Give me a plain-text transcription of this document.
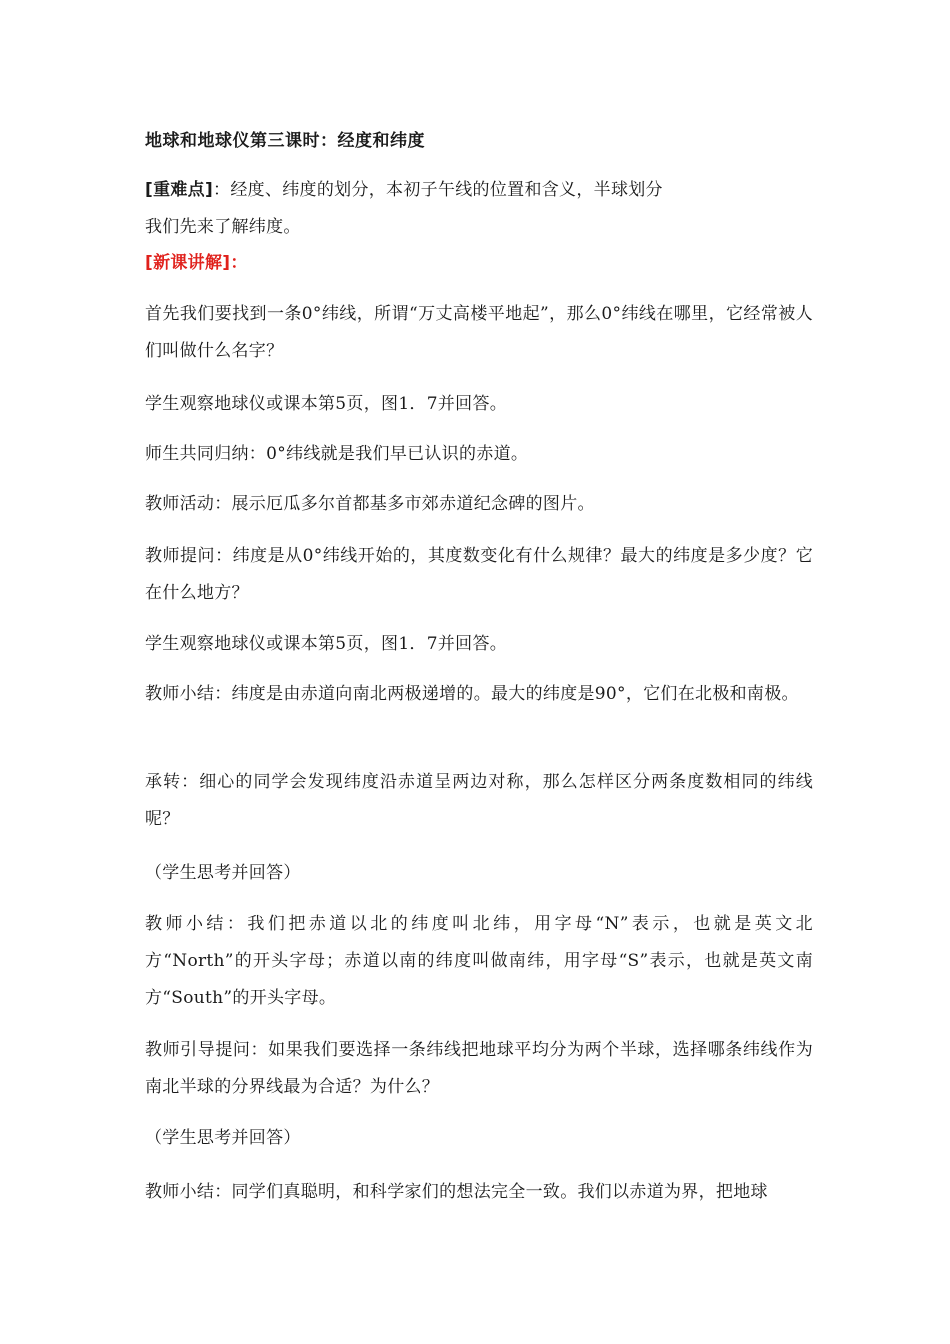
地球和地球仪第三课时：经度和纬度
[重难点]：经度、纬度的划分，本初子午线的位置和含义，半球划分
我们先来了解纬度。
[新课讲解]：
首先我们要找到一条0°纬线，所谓“万丈高楼平地起”，那么0°纬线在哪里，它经常被人们叫做什么名字？
学生观察地球仪或课本第5页，图1．7并回答。
师生共同归纳：0°纬线就是我们早已认识的赤道。
教师活动：展示厄瓜多尔首都基多市郊赤道纪念碑的图片。
教师提问：纬度是从0°纬线开始的，其度数变化有什么规律？最大的纬度是多少度？它在什么地方？
学生观察地球仪或课本第5页，图1．7并回答。
教师小结：纬度是由赤道向南北两极递增的。最大的纬度是90°，它们在北极和南极。
承转：细心的同学会发现纬度沿赤道呈两边对称，那么怎样区分两条度数相同的纬线呢？
（学生思考并回答）
教师小结：我们把赤道以北的纬度叫北纬，用字母“N”表示，也就是英文北方“North”的开头字母；赤道以南的纬度叫做南纬，用字母“S”表示，也就是英文南方“South”的开头字母。
教师引导提问：如果我们要选择一条纬线把地球平均分为两个半球，选择哪条纬线作为南北半球的分界线最为合适？为什么？
（学生思考并回答）
教师小结：同学们真聪明，和科学家们的想法完全一致。我们以赤道为界，把地球
